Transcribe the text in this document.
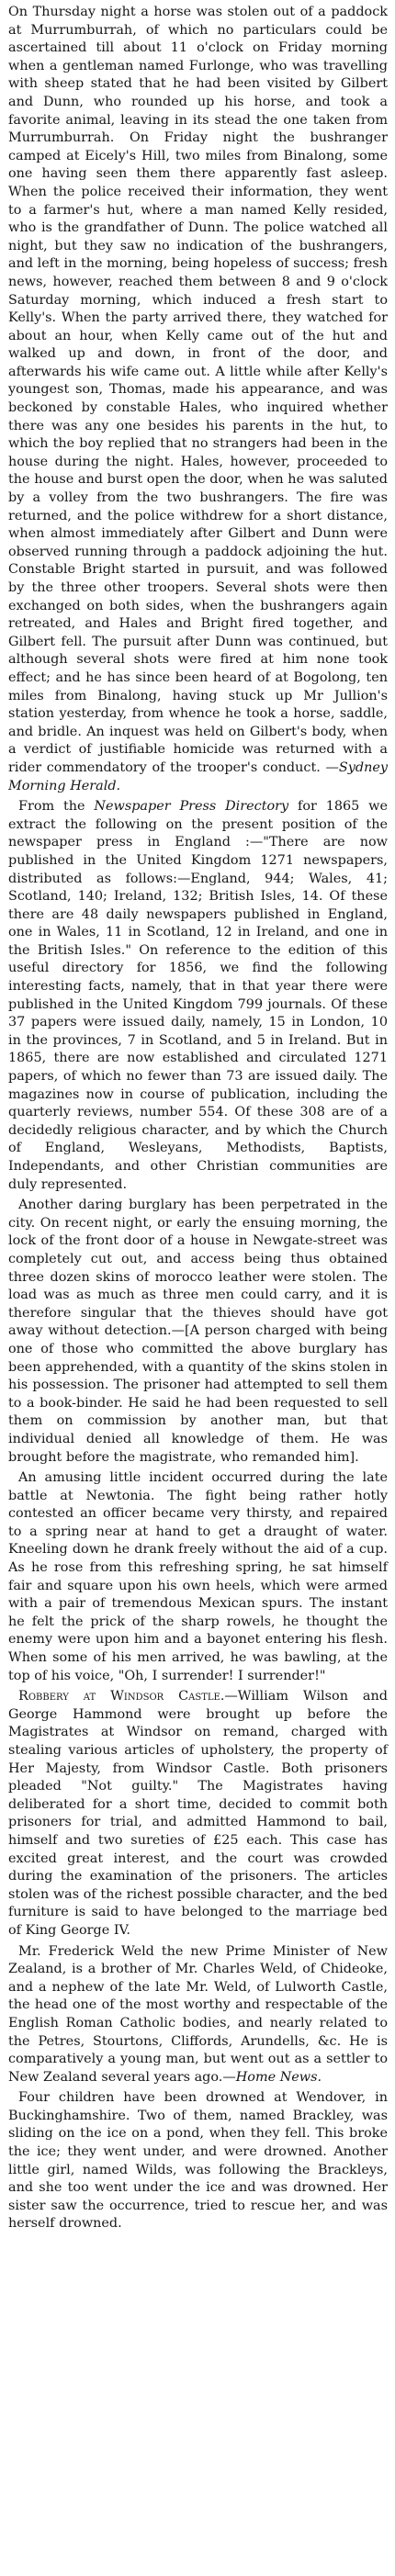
On Thursday night a horse was stolen out of a paddock at Murrumburrah, of which no particulars could be ascertained till about 11 o'clock on Friday morning when a gentleman named Furlonge, who was travelling with sheep stated that he had been visited by Gilbert and Dunn, who rounded up his horse, and took a favorite animal, leaving in its stead the one taken from Murrumburrah. On Friday night the bushranger camped at Eicely's Hill, two miles from Binalong, some one having seen them there apparently fast asleep. When the police received their information, they went to a farmer's hut, where a man named Kelly resided, who is the grandfather of Dunn. The police watched all night, but they saw no indication of the bushrangers, and left in the morning, being hopeless of success; fresh news, however, reached them between 8 and 9 o'clock Saturday morning, which induced a fresh start to Kelly's. When the party arrived there, they watched for about an hour, when Kelly came out of the hut and walked up and down, in front of the door, and afterwards his wife came out. A little while after Kelly's youngest son, Thomas, made his appearance, and was beckoned by constable Hales, who inquired whether there was any one besides his parents in the hut, to which the boy replied that no strangers had been in the house during the night. Hales, however, proceeded to the house and burst open the door, when he was saluted by a volley from the two bushrangers. The fire was returned, and the police withdrew for a short distance, when almost immediately after Gilbert and Dunn were observed running through a paddock adjoining the hut. Constable Bright started in pursuit, and was followed by the three other troopers. Several shots were then exchanged on both sides, when the bushrangers again retreated, and Hales and Bright fired together, and Gilbert fell. The pursuit after Dunn was continued, but although several shots were fired at him none took effect; and he has since been heard of at Bogolong, ten miles from Binalong, having stuck up Mr Jullion's station yesterday, from whence he took a horse, saddle, and bridle. An inquest was held on Gilbert's body, when a verdict of justifiable homicide was returned with a rider commendatory of the trooper's conduct. —Sydney Morning Herald.

From the Newspaper Press Directory for 1865 we extract the following on the present position of the newspaper press in England :—"There are now published in the United Kingdom 1271 newspapers, distributed as follows:—England, 944; Wales, 41; Scotland, 140; Ireland, 132; British Isles, 14. Of these there are 48 daily newspapers published in England, one in Wales, 11 in Scotland, 12 in Ireland, and one in the British Isles." On reference to the edition of this useful directory for 1856, we find the following interesting facts, namely, that in that year there were published in the United Kingdom 799 journals. Of these 37 papers were issued daily, namely, 15 in London, 10 in the provinces, 7 in Scotland, and 5 in Ireland. But in 1865, there are now established and circulated 1271 papers, of which no fewer than 73 are issued daily. The magazines now in course of publication, including the quarterly reviews, number 554. Of these 308 are of a decidedly religious character, and by which the Church of England, Wesleyans, Methodists, Baptists, Independants, and other Christian communities are duly represented.

Another daring burglary has been perpetrated in the city. On recent night, or early the ensuing morning, the lock of the front door of a house in Newgate-street was completely cut out, and access being thus obtained three dozen skins of morocco leather were stolen. The load was as much as three men could carry, and it is therefore singular that the thieves should have got away without detection.—[A person charged with being one of those who committed the above burglary has been apprehended, with a quantity of the skins stolen in his possession. The prisoner had attempted to sell them to a book-binder. He said he had been requested to sell them on commission by another man, but that individual denied all knowledge of them. He was brought before the magistrate, who remanded him].

An amusing little incident occurred during the late battle at Newtonia. The fight being rather hotly contested an officer became very thirsty, and repaired to a spring near at hand to get a draught of water. Kneeling down he drank freely without the aid of a cup. As he rose from this refreshing spring, he sat himself fair and square upon his own heels, which were armed with a pair of tremendous Mexican spurs. The instant he felt the prick of the sharp rowels, he thought the enemy were upon him and a bayonet entering his flesh. When some of his men arrived, he was bawling, at the top of his voice, "Oh, I surrender! I surrender!"

Robbery at Windsor Castle.—William Wilson and George Hammond were brought up before the Magistrates at Windsor on remand, charged with stealing various articles of upholstery, the property of Her Majesty, from Windsor Castle. Both prisoners pleaded "Not guilty." The Magistrates having deliberated for a short time, decided to commit both prisoners for trial, and admitted Hammond to bail, himself and two sureties of £25 each. This case has excited great interest, and the court was crowded during the examination of the prisoners. The articles stolen was of the richest possible character, and the bed furniture is said to have belonged to the marriage bed of King George IV.

Mr. Frederick Weld the new Prime Minister of New Zealand, is a brother of Mr. Charles Weld, of Chideoke, and a nephew of the late Mr. Weld, of Lulworth Castle, the head one of the most worthy and respectable of the English Roman Catholic bodies, and nearly related to the Petres, Stourtons, Cliffords, Arundells, &c. He is comparatively a young man, but went out as a settler to New Zealand several years ago.—Home News.

Four children have been drowned at Wendover, in Buckinghamshire. Two of them, named Brackley, was sliding on the ice on a pond, when they fell. This broke the ice; they went under, and were drowned. Another little girl, named Wilds, was following the Brackleys, and she too went under the ice and was drowned. Her sister saw the occurrence, tried to rescue her, and was herself drowned.
